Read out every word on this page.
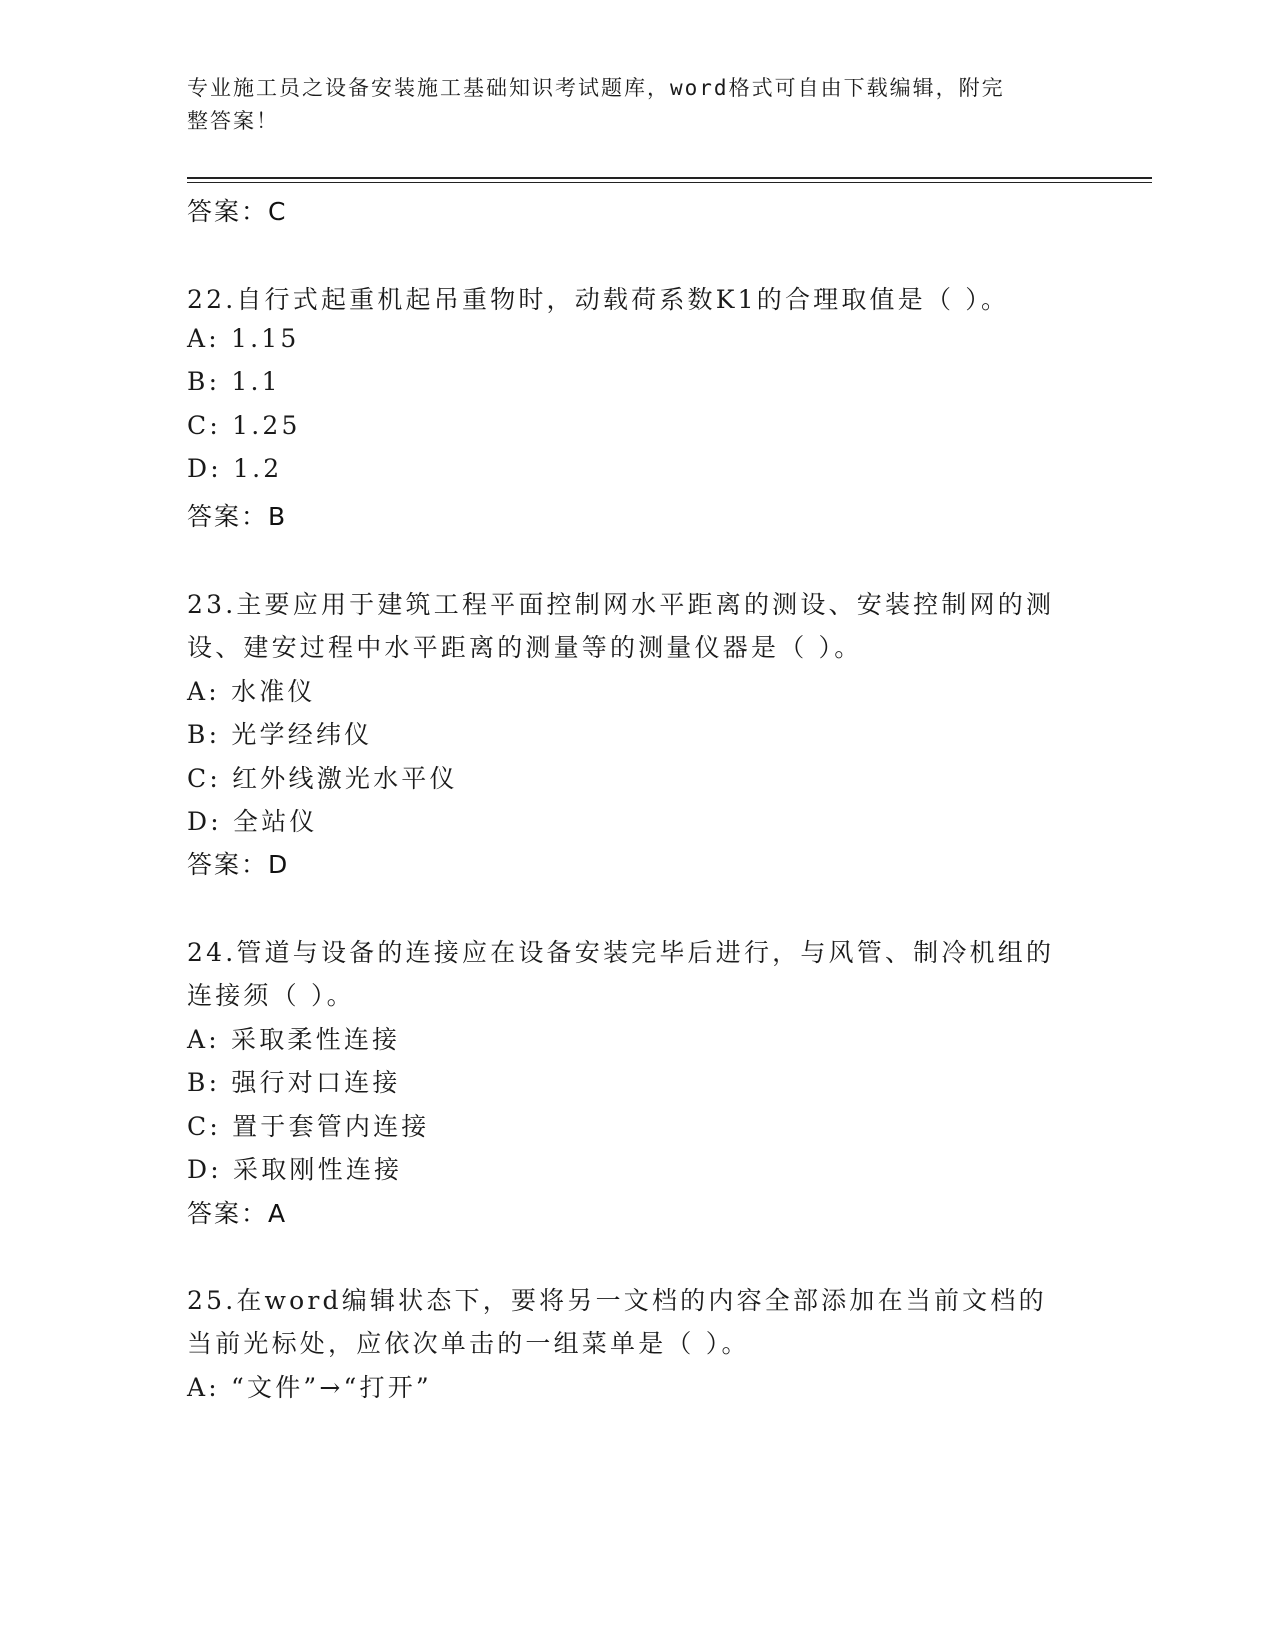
专业施工员之设备安装施工基础知识考试题库，word格式可自由下载编辑，附完
整答案！
答案：C
22.自行式起重机起吊重物时，动载荷系数K1的合理取值是（ ）。
A: 1.15
B: 1.1
C: 1.25
D: 1.2
答案：B
23.主要应用于建筑工程平面控制网水平距离的测设、安装控制网的测
设、建安过程中水平距离的测量等的测量仪器是（ ）。
A: 水准仪
B: 光学经纬仪
C: 红外线激光水平仪
D: 全站仪
答案：D
24.管道与设备的连接应在设备安装完毕后进行，与风管、制冷机组的
连接须（ ）。
A: 采取柔性连接
B: 强行对口连接
C: 置于套管内连接
D: 采取刚性连接
答案：A
25.在word编辑状态下，要将另一文档的内容全部添加在当前文档的
当前光标处，应依次单击的一组菜单是（ ）。
A: “文件”→“打开”
